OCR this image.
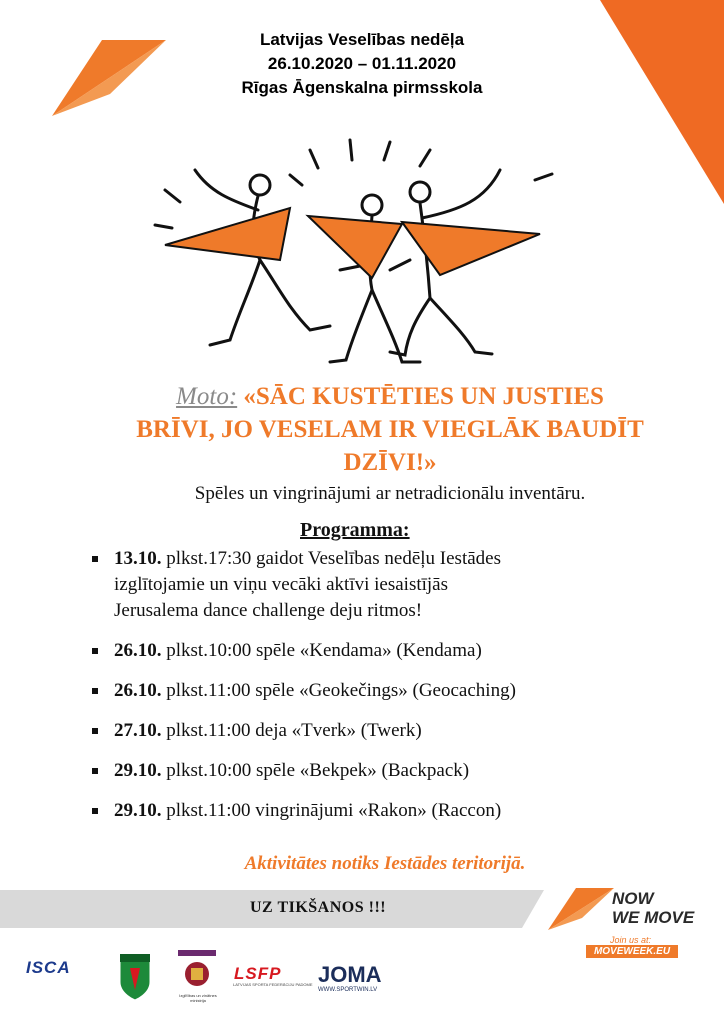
Latvijas Veselības nedēļa
26.10.2020 – 01.11.2020
Rīgas Āgenskalna pirmsskola
Moto: «SĀC KUSTĒTIES UN JUSTIES
BRĪVI, JO VESELAM IR VIEGLĀK BAUDĪT
DZĪVI!»
Spēles un vingrinājumi ar netradicionālu inventāru.
Programma:
13.10. plkst.17:30 gaidot Veselības nedēļu Iestādes
izglītojamie un viņu vecāki aktīvi iesaistījās
Jerusalema dance challenge deju ritmos!
26.10. plkst.10:00 spēle «Kendama» (Kendama)
26.10. plkst.11:00 spēle «Geokečings» (Geocaching)
27.10. plkst.11:00 deja «Tverk» (Twerk)
29.10. plkst.10:00 spēle «Bekpek» (Backpack)
29.10. plkst.11:00 vingrinājumi «Rakon» (Raccon)
Aktivitātes notiks Iestādes teritorijā.
UZ TIKŠANOS !!!	NOW
WE MOVE
Join us at:
MOVEWEEK.EU
ISCA
Izglītības un zinātnes ministrija
LSFP
LATVIJAS SPORTA FEDERĀCIJU PADOME JOMA
WWW.SPORTWIN.LV
